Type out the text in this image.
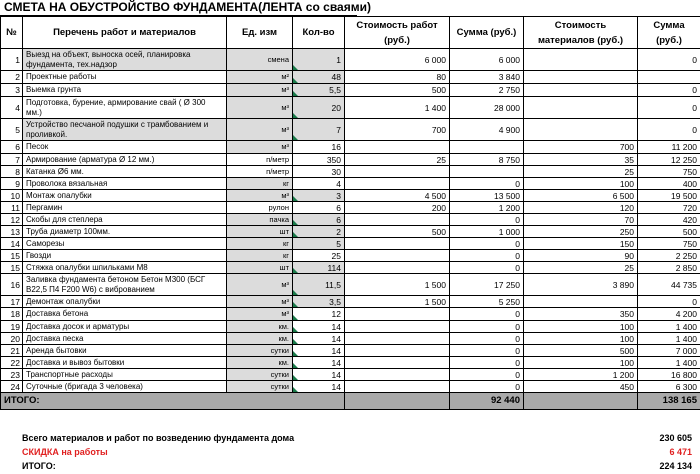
СМЕТА НА ОБУСТРОЙСТВО ФУНДАМЕНТА(ЛЕНТА со сваями)
№	Перечень работ и материалов	Ед. изм	Кол-во	Стоимость работ (руб.)	Сумма (руб.)	Стоимость материалов (руб.)	Сумма (руб.)
1	Выезд на объект, выноска осей, планировка фундамента, тех.надзор	смена	1	6 000	6 000		0
2	Проектные работы	м²	48	80	3 840		
3	Выемка грунта	м³	5,5	500	2 750		0
4	Подготовка, бурение, армирование свай ( Ø 300 мм.)	м³	20	1 400	28 000		0
5	Устройство песчаной подушки с трамбованием и проливкой.	м³	7	700	4 900		0
6	Песок	м³	16			700	11 200
7	Армирование (арматура Ø 12 мм.)	п/метр	350	25	8 750	35	12 250
8	Катанка Ø6 мм.	п/метр	30			25	750
9	Проволока вязальная	кг	4		0	100	400
10	Монтаж опалубки	м³	3	4 500	13 500	6 500	19 500
11	Пергамин	рулон	6	200	1 200	120	720
12	Скобы для степлера	пачка	6		0	70	420
13	Труба диаметр 100мм.	шт	2	500	1 000	250	500
14	Саморезы	кг	5		0	150	750
15	Гвозди	кг	25		0	90	2 250
15	Стяжка опалубки шпильками М8	шт	114		0	25	2 850
16	Заливка фундамента бетоном Бетон М300 (БСГ В22,5 П4 F200 W6) с виброванием	м³	11,5	1 500	17 250	3 890	44 735
17	Демонтаж опалубки	м³	3,5	1 500	5 250		0
18	Доставка бетона	м³	12		0	350	4 200
19	Доставка досок и арматуры	км.	14		0	100	1 400
20	Доставка песка	км.	14		0	100	1 400
21	Аренда бытовки	сутки	14		0	500	7 000
22	Доставка и вывоз бытовки	км.	14		0	100	1 400
23	Транспортные расходы	сутки	14		0	1 200	16 800
24	Суточные (бригада 3 человека)	сутки	14		0	450	6 300
ИТОГО:					92 440		138 165
Всего материалов и работ по возведению фундамента дома	230 605
СКИДКА на работы	6 471
ИТОГО:	224 134
